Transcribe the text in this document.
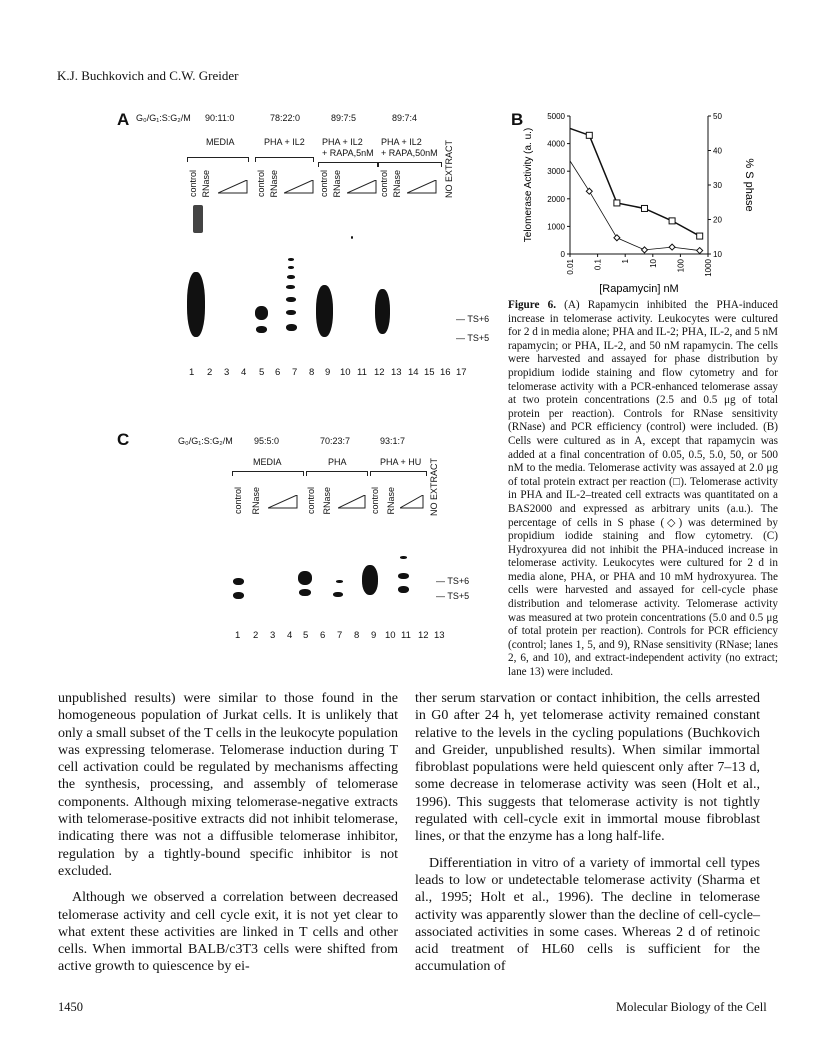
K.J. Buchkovich and C.W. Greider
A G₀/G₁:S:G₂/M 90:11:0	78:22:0	89:7:5	89:7:4
MEDIA	PHA + IL2 PHA + IL2
+ RAPA,5nM
PHA + IL2
+ RAPA,50nM
control RNase	control RNase	control RNase	control RNase	NO EXTRACT
— TS+6
— TS+5
1 2 3 4 5 6 7 8 9 10 11 12 13 14 15 16 17
B
0
1000
2000
3000
4000
5000
10
20
30
40
50
0.01 0.1 1 10 100 1000
Telomerase Activity (a. u.)	% S phase
[Rapamycin] nM
Figure 6. (A) Rapamycin inhibited the PHA-induced increase in telomerase activity. Leukocytes were cultured for 2 d in media alone; PHA and IL-2; PHA, IL-2, and 5 nM rapamycin; or PHA, IL-2, and 50 nM rapamycin. The cells were harvested and assayed for phase distribution by propidium iodide staining and flow cytometry and for telomerase activity with a PCR-enhanced telomerase assay at two protein concentrations (2.5 and 0.5 μg of total protein per reaction). Controls for RNase sensitivity (RNase) and PCR efficiency (control) were included. (B) Cells were cultured as in A, except that rapamycin was added at a final concentration of 0.05, 0.5, 5.0, 50, or 500 nM to the media. Telomerase activity was assayed at 2.0 μg of total protein extract per reaction (□). Telomerase activity in PHA and IL-2–treated cell extracts was quantitated on a BAS2000 and expressed as arbitrary units (a.u.). The percentage of cells in S phase (◇) was determined by propidium iodide staining and flow cytometry. (C) Hydroxyurea did not inhibit the PHA-induced increase in telomerase activity. Leukocytes were cultured for 2 d in media alone, PHA, or PHA and 10 mM hydroxyurea. The cells were harvested and assayed for cell-cycle phase distribution and telomerase activity. Telomerase activity was measured at two protein concentrations (5.0 and 0.5 μg of total protein per reaction). Controls for PCR efficiency (control; lanes 1, 5, and 9), RNase sensitivity (RNase; lanes 2, 6, and 10), and extract-independent activity (no extract; lane 13) were included.
C	G₀/G₁:S:G₂/M 95:5:0	70:23:7	93:1:7
MEDIA	PHA	PHA + HU
control RNase	control RNase	control RNase	NO EXTRACT
— TS+6
— TS+5
1 2 3 4 5 6 7 8 9 10 11 12 13

unpublished results) were similar to those found in the homogeneous population of Jurkat cells. It is unlikely that only a small subset of the T cells in the leukocyte population was expressing telomerase. Telomerase induction during T cell activation could be regulated by mechanisms affecting the synthesis, processing, and assembly of telomerase components. Although mixing telomerase-negative extracts with telomerase-positive extracts did not inhibit telomerase, indicating there was not a diffusible telomerase inhibitor, regulation by a tightly-bound specific inhibitor is not excluded.

Although we observed a correlation between decreased telomerase activity and cell cycle exit, it is not yet clear to what extent these activities are linked in T cells and other cells. When immortal BALB/c3T3 cells were shifted from active growth to quiescence by ei-

ther serum starvation or contact inhibition, the cells arrested in G0 after 24 h, yet telomerase activity remained constant relative to the levels in the cycling populations (Buchkovich and Greider, unpublished results). When similar immortal fibroblast populations were held quiescent only after 7–13 d, some decrease in telomerase activity was seen (Holt et al., 1996). This suggests that telomerase activity is not tightly regulated with cell-cycle exit in immortal mouse fibroblast lines, or that the enzyme has a long half-life.

Differentiation in vitro of a variety of immortal cell types leads to low or undetectable telomerase activity (Sharma et al., 1995; Holt et al., 1996). The decline in telomerase activity was apparently slower than the decline of cell-cycle–associated activities in some cases. Whereas 2 d of retinoic acid treatment of HL60 cells is sufficient for the accumulation of

1450	Molecular Biology of the Cell
